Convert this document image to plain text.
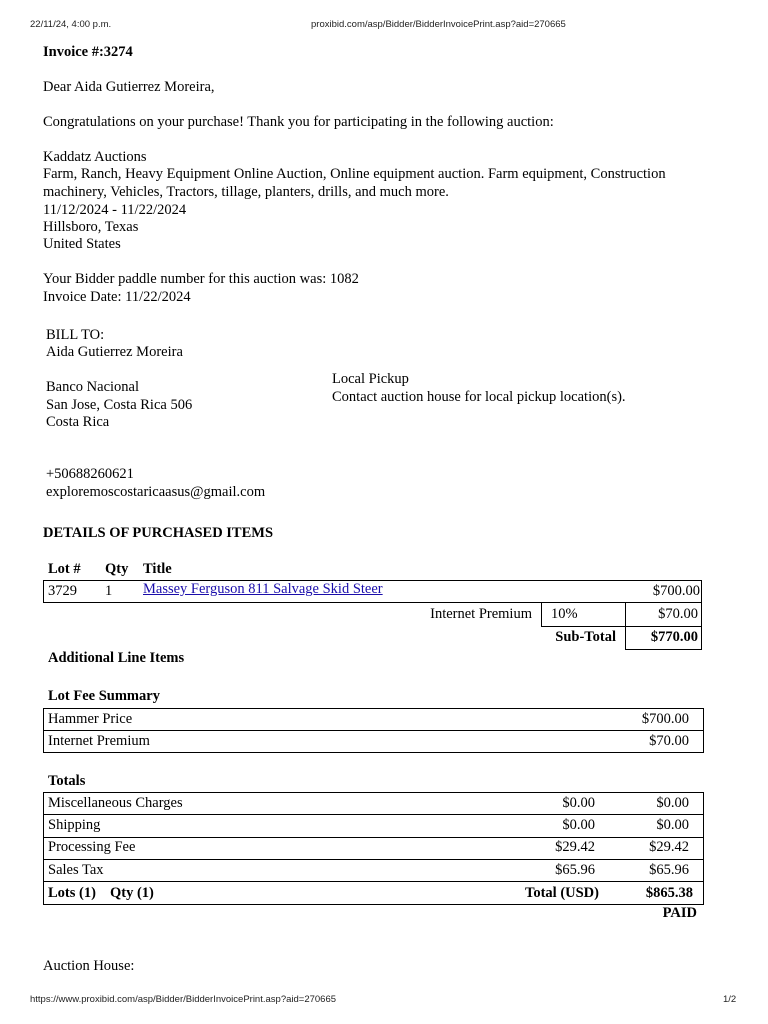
22/11/24, 4:00 p.m.	proxibid.com/asp/Bidder/BidderInvoicePrint.asp?aid=270665
Invoice #:3274
Dear Aida Gutierrez Moreira,
Congratulations on your purchase! Thank you for participating in the following auction:
Kaddatz Auctions
Farm, Ranch, Heavy Equipment Online Auction, Online equipment auction. Farm equipment, Construction
machinery, Vehicles, Tractors, tillage, planters, drills, and much more.
11/12/2024 - 11/22/2024
Hillsboro, Texas
United States
Your Bidder paddle number for this auction was: 1082
Invoice Date: 11/22/2024
BILL TO:
Aida Gutierrez Moreira
Banco Nacional
San Jose, Costa Rica 506
Costa Rica
+50688260621
exploremoscostaricaasus@gmail.com
Local Pickup
Contact auction house for local pickup location(s).
DETAILS OF PURCHASED ITEMS
Lot # Qty Title
3729 1 Massey Ferguson 811 Salvage Skid Steer	$700.00
Internet Premium 10%	$70.00
Sub-Total	$770.00
Additional Line Items
Lot Fee Summary
Hammer Price	$700.00
Internet Premium	$70.00
Totals
Miscellaneous Charges	$0.00	$0.00
Shipping	$0.00	$0.00
Processing Fee	$29.42	$29.42
Sales Tax	$65.96	$65.96
Lots (1) Qty (1)	Total (USD)	$865.38
PAID
Auction House:
https://www.proxibid.com/asp/Bidder/BidderInvoicePrint.asp?aid=270665	1/2
